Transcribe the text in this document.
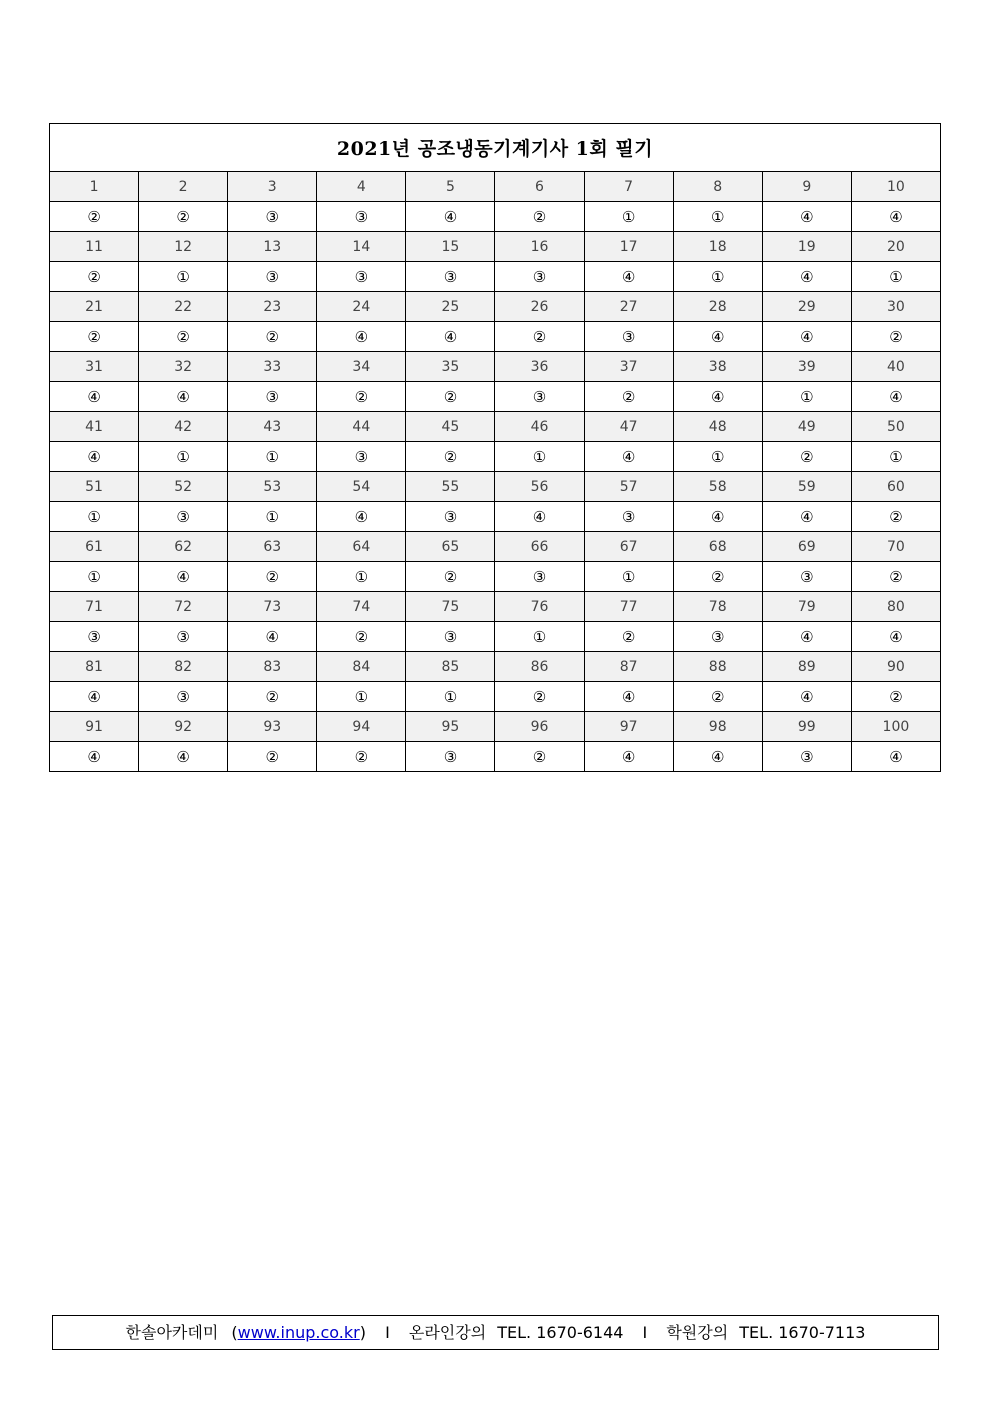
2021년 공조냉동기계기사 1회 필기									
1	2	3	4	5	6	7	8	9	10
②	②	③	③	④	②	①	①	④	④
11	12	13	14	15	16	17	18	19	20
②	①	③	③	③	③	④	①	④	①
21	22	23	24	25	26	27	28	29	30
②	②	②	④	④	②	③	④	④	②
31	32	33	34	35	36	37	38	39	40
④	④	③	②	②	③	②	④	①	④
41	42	43	44	45	46	47	48	49	50
④	①	①	③	②	①	④	①	②	①
51	52	53	54	55	56	57	58	59	60
①	③	①	④	③	④	③	④	④	②
61	62	63	64	65	66	67	68	69	70
①	④	②	①	②	③	①	②	③	②
71	72	73	74	75	76	77	78	79	80
③	③	④	②	③	①	②	③	④	④
81	82	83	84	85	86	87	88	89	90
④	③	②	①	①	②	④	②	④	②
91	92	93	94	95	96	97	98	99	100
④	④	②	②	③	②	④	④	③	④
한솔아카데미 (www.inup.co.kr) I 온라인강의 TEL. 1670-6144 I 학원강의 TEL. 1670-7113
